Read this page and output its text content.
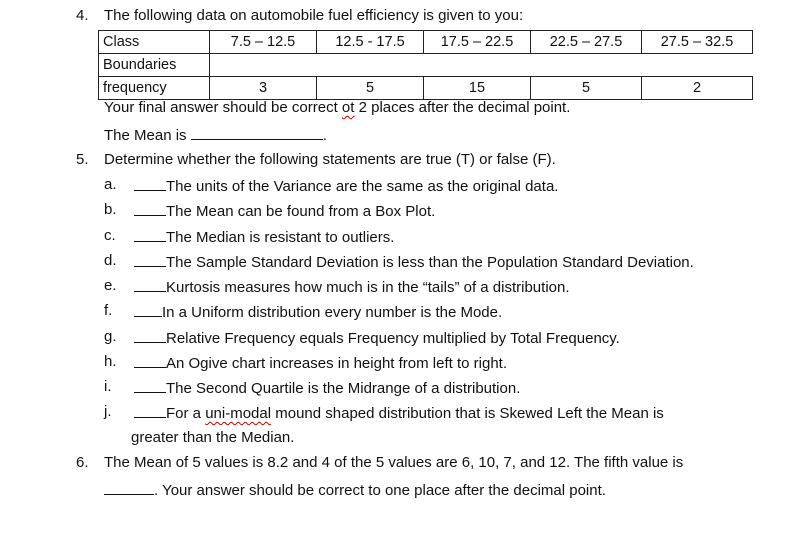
4. The following data on automobile fuel efficiency is given to you:
Class	7.5 – 12.5	12.5 - 17.5	17.5 – 22.5	22.5 – 27.5	27.5 – 32.5
Boundaries					
frequency	3	5	15	5	2
Your final answer should be correct ot 2 places after the decimal point.
The Mean is	.
5. Determine whether the following statements are true (T) or false (F).
a.	The units of the Variance are the same as the original data.
b.	The Mean can be found from a Box Plot.
c.	The Median is resistant to outliers.
d.	The Sample Standard Deviation is less than the Population Standard Deviation.
e.	Kurtosis measures how much is in the “tails” of a distribution.
f.	In a Uniform distribution every number is the Mode.
g.	Relative Frequency equals Frequency multiplied by Total Frequency.
h.	An Ogive chart increases in height from left to right.
i.	The Second Quartile is the Midrange of a distribution.
j.	For a uni-modal mound shaped distribution that is Skewed Left the Mean is
greater than the Median.
6. The Mean of 5 values is 8.2 and 4 of the 5 values are 6, 10, 7, and 12. The fifth value is
. Your answer should be correct to one place after the decimal point.
